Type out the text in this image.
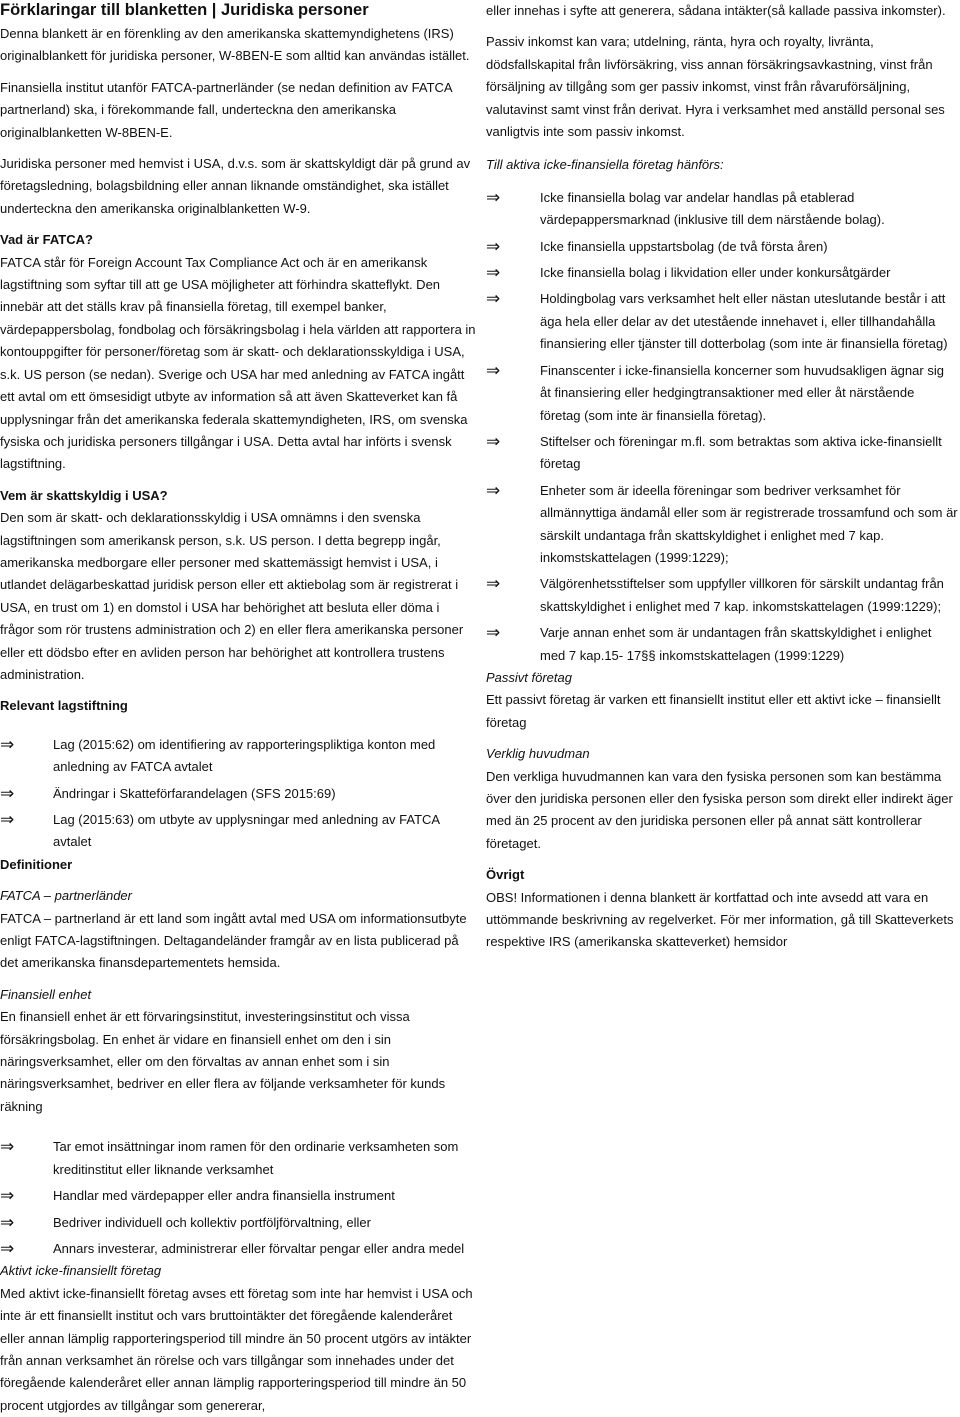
Förklaringar till blanketten | Juridiska personer

Denna blankett är en förenkling av den amerikanska skattemyndighetens (IRS) originalblankett för juridiska personer, W-8BEN-E som alltid kan användas istället.

Finansiella institut utanför FATCA-partnerländer (se nedan definition av FATCA partnerland) ska, i förekommande fall, underteckna den amerikanska originalblanketten W-8BEN-E.

Juridiska personer med hemvist i USA, d.v.s. som är skattskyldigt där på grund av företagsledning, bolagsbildning eller annan liknande omständighet, ska istället underteckna den amerikanska originalblanketten W-9.

Vad är FATCA?

FATCA står för Foreign Account Tax Compliance Act och är en amerikansk lagstiftning som syftar till att ge USA möjligheter att förhindra skatteflykt. Den innebär att det ställs krav på finansiella företag, till exempel banker, värdepappersbolag, fondbolag och försäkringsbolag i hela världen att rapportera in kontouppgifter för personer/företag som är skatt- och deklarationsskyldiga i USA, s.k. US person (se nedan). Sverige och USA har med anledning av FATCA ingått ett avtal om ett ömsesidigt utbyte av information så att även Skatteverket kan få upplysningar från det amerikanska federala skattemyndigheten, IRS, om svenska fysiska och juridiska personers tillgångar i USA. Detta avtal har införts i svensk lagstiftning.

Vem är skattskyldig i USA?

Den som är skatt- och deklarationsskyldig i USA omnämns i den svenska lagstiftningen som amerikansk person, s.k. US person. I detta begrepp ingår, amerikanska medborgare eller personer med skattemässigt hemvist i USA, i utlandet delägarbeskattad juridisk person eller ett aktiebolag som är registrerat i USA, en trust om 1) en domstol i USA har behörighet att besluta eller döma i frågor som rör trustens administration och 2) en eller flera amerikanska personer eller ett dödsbo efter en avliden person har behörighet att kontrollera trustens administration.

Relevant lagstiftning

⇒	Lag (2015:62) om identifiering av rapporteringspliktiga konton med anledning av FATCA avtalet
⇒	Ändringar i Skatteförfarandelagen (SFS 2015:69)
⇒	Lag (2015:63) om utbyte av upplysningar med anledning av FATCA avtalet

Definitioner

FATCA – partnerländer

FATCA – partnerland är ett land som ingått avtal med USA om informationsutbyte enligt FATCA-lagstiftningen. Deltagandeländer framgår av en lista publicerad på det amerikanska finansdepartementets hemsida.

Finansiell enhet

En finansiell enhet är ett förvaringsinstitut, investeringsinstitut och vissa försäkringsbolag. En enhet är vidare en finansiell enhet om den i sin näringsverksamhet, eller om den förvaltas av annan enhet som i sin näringsverksamhet, bedriver en eller flera av följande verksamheter för kunds räkning

⇒	Tar emot insättningar inom ramen för den ordinarie verksamheten som kreditinstitut eller liknande verksamhet
⇒	Handlar med värdepapper eller andra finansiella instrument
⇒	Bedriver individuell och kollektiv portföljförvaltning, eller
⇒	Annars investerar, administrerar eller förvaltar pengar eller andra medel

Aktivt icke-finansiellt företag

Med aktivt icke-finansiellt företag avses ett företag som inte har hemvist i USA och inte är ett finansiellt institut och vars bruttointäkter det föregående kalenderåret eller annan lämplig rapporteringsperiod till mindre än 50 procent utgörs av intäkter från annan verksamhet än rörelse och vars tillgångar som innehades under det föregående kalenderåret eller annan lämplig rapporteringsperiod till mindre än 50 procent utgjordes av tillgångar som genererar,

eller innehas i syfte att generera, sådana intäkter(så kallade passiva inkomster).

Passiv inkomst kan vara; utdelning, ränta, hyra och royalty, livränta, dödsfallskapital från livförsäkring, viss annan försäkringsavkastning, vinst från försäljning av tillgång som ger passiv inkomst, vinst från råvaruförsäljning, valutavinst samt vinst från derivat. Hyra i verksamhet med anställd personal ses vanligtvis inte som passiv inkomst.

Till aktiva icke-finansiella företag hänförs:

⇒	Icke finansiella bolag var andelar handlas på etablerad värdepappersmarknad (inklusive till dem närstående bolag).
⇒	Icke finansiella uppstartsbolag (de två första åren)
⇒	Icke finansiella bolag i likvidation eller under konkursåtgärder
⇒	Holdingbolag vars verksamhet helt eller nästan uteslutande består i att äga hela eller delar av det utestående innehavet i, eller tillhandahålla finansiering eller tjänster till dotterbolag (som inte är finansiella företag)
⇒	Finanscenter i icke-finansiella koncerner som huvudsakligen ägnar sig åt finansiering eller hedgingtransaktioner med eller åt närstående företag (som inte är finansiella företag).
⇒	Stiftelser och föreningar m.fl. som betraktas som aktiva icke-finansiellt företag
⇒	Enheter som är ideella föreningar som bedriver verksamhet för allmännyttiga ändamål eller som är registrerade trossamfund och som är särskilt undantaga från skattskyldighet i enlighet med 7 kap. inkomstskattelagen (1999:1229);
⇒	Välgörenhetsstiftelser som uppfyller villkoren för särskilt undantag från skattskyldighet i enlighet med 7 kap. inkomstskattelagen (1999:1229);
⇒	Varje annan enhet som är undantagen från skattskyldighet i enlighet med 7 kap.15- 17§§ inkomstskattelagen (1999:1229)

Passivt företag

Ett passivt företag är varken ett finansiellt institut eller ett aktivt icke – finansiellt företag

Verklig huvudman

Den verkliga huvudmannen kan vara den fysiska personen som kan bestämma över den juridiska personen eller den fysiska person som direkt eller indirekt äger med än 25 procent av den juridiska personen eller på annat sätt kontrollerar företaget.

Övrigt

OBS! Informationen i denna blankett är kortfattad och inte avsedd att vara en uttömmande beskrivning av regelverket. För mer information, gå till Skatteverkets respektive IRS (amerikanska skatteverket) hemsidor
